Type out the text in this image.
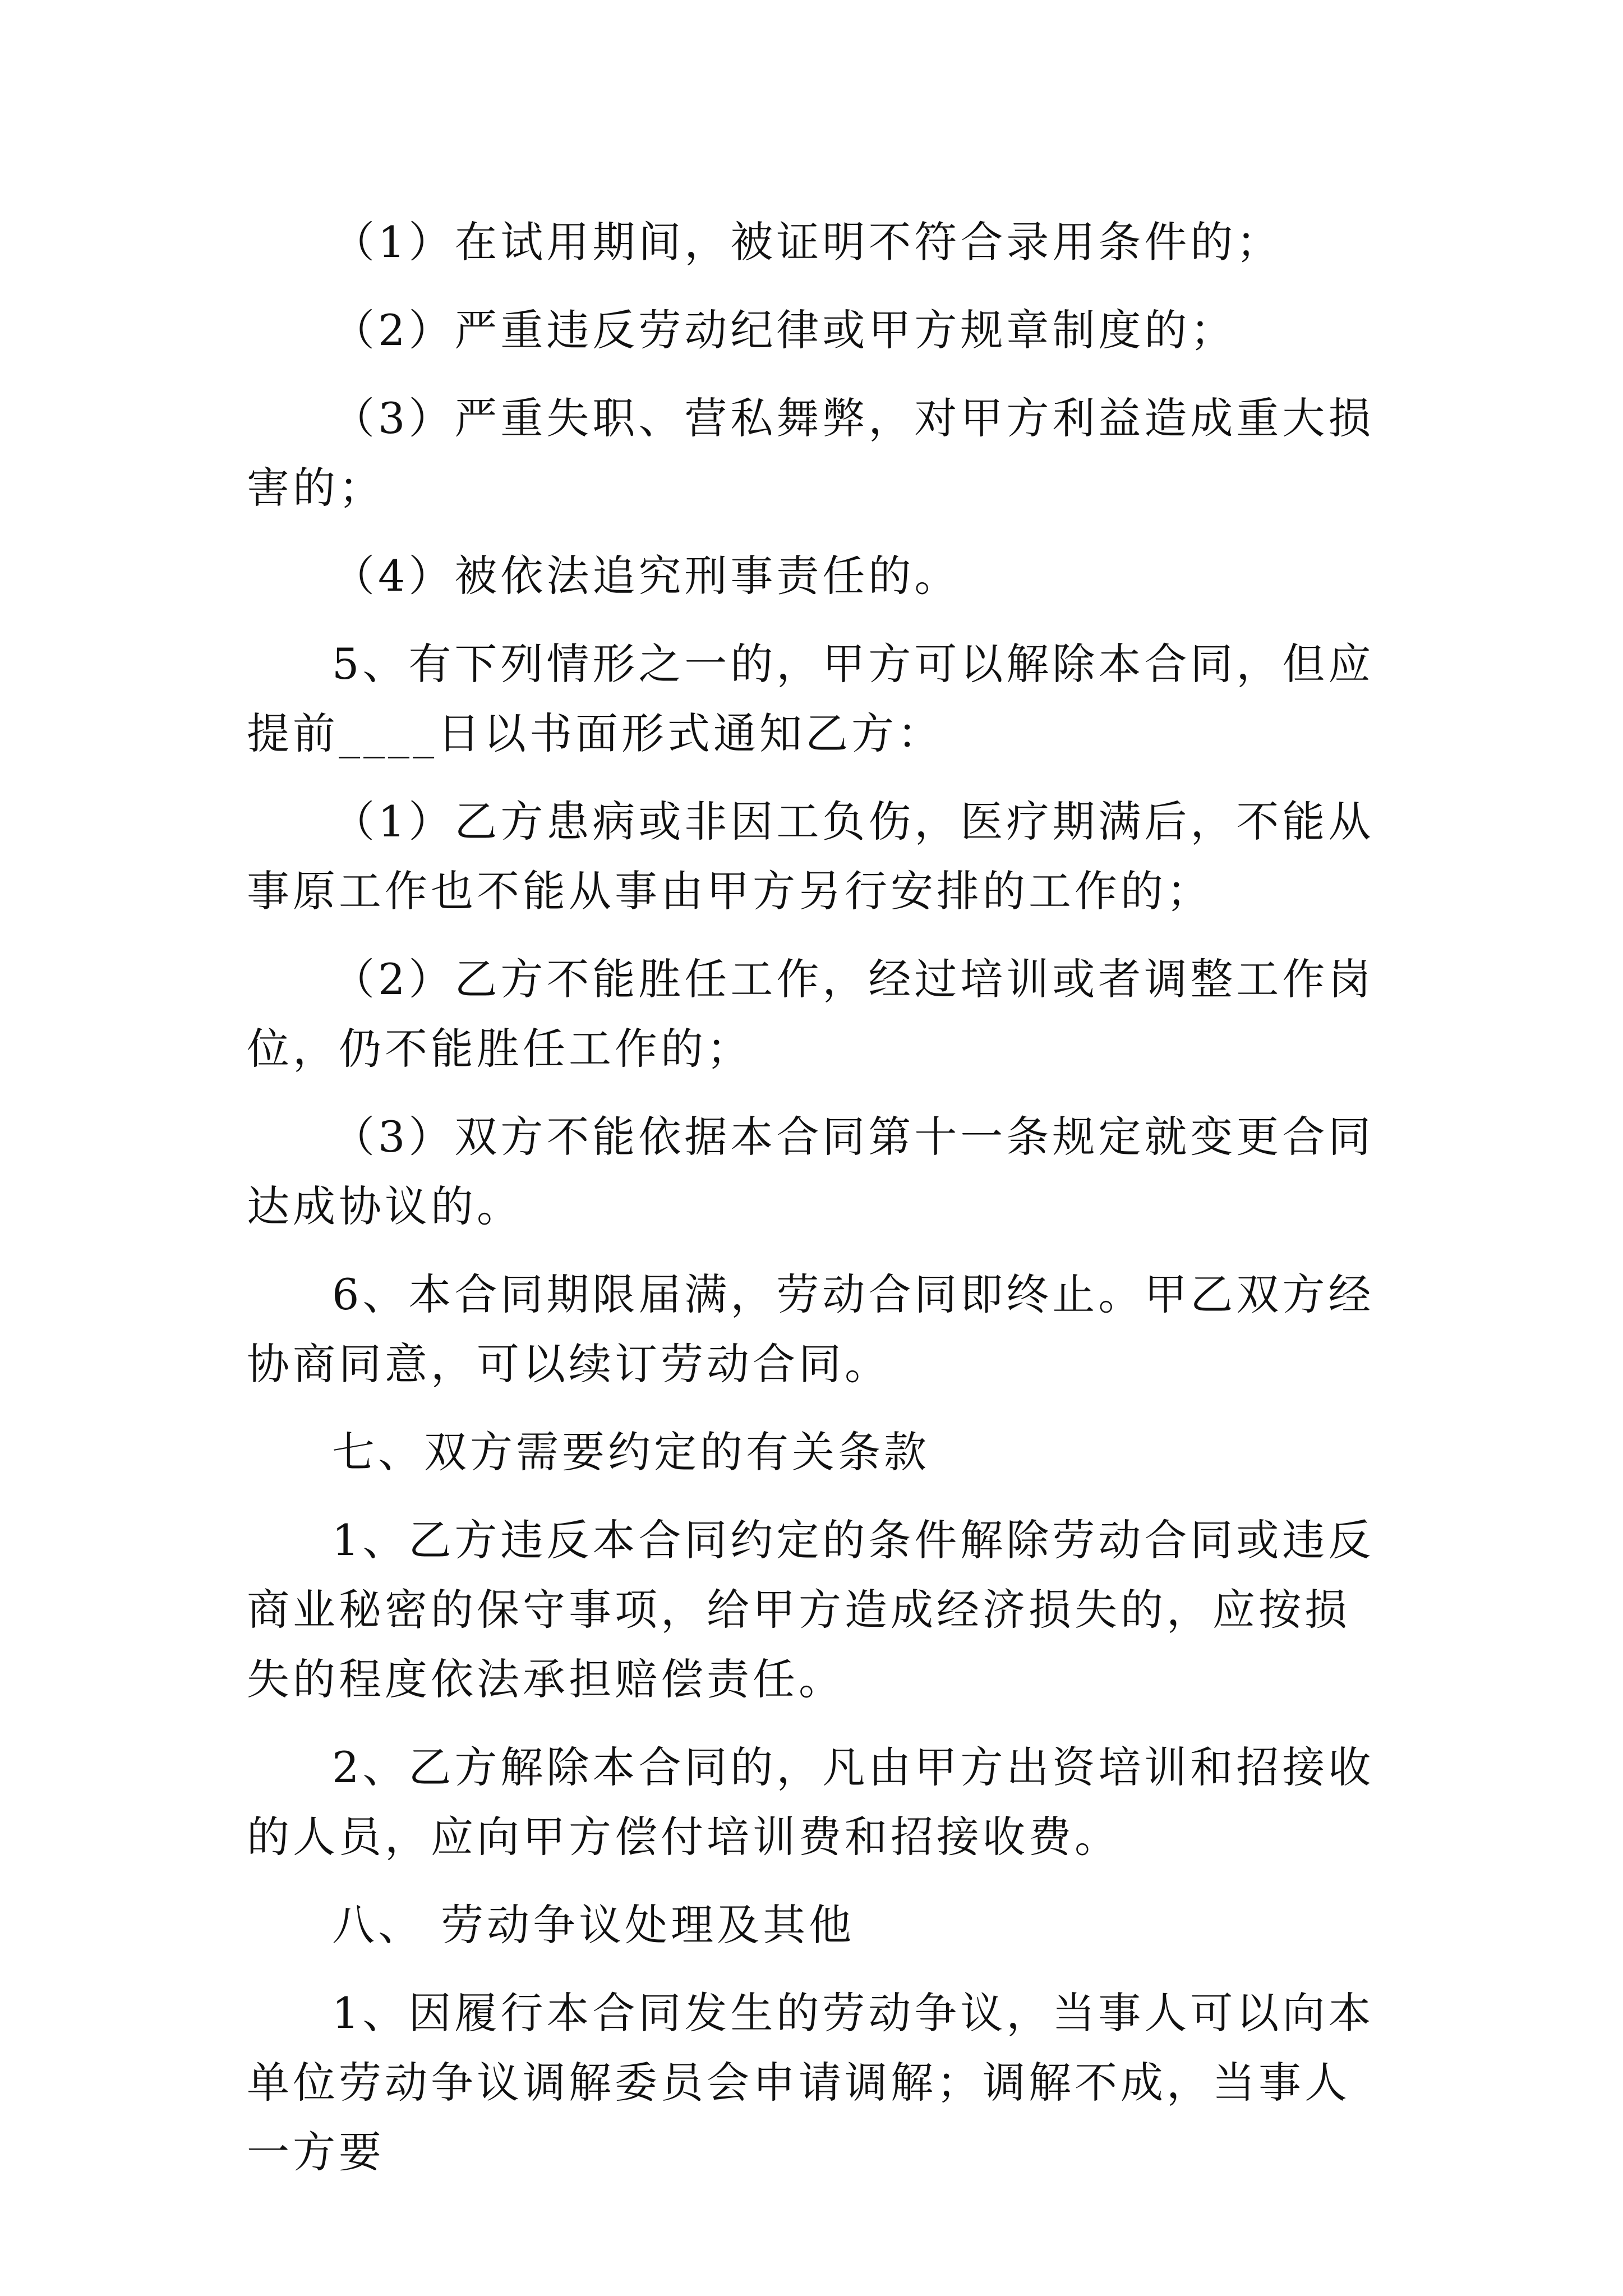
（1）在试用期间，被证明不符合录用条件的；

（2）严重违反劳动纪律或甲方规章制度的；

（3）严重失职、营私舞弊，对甲方利益造成重大损害的；

（4）被依法追究刑事责任的。

5、有下列情形之一的，甲方可以解除本合同，但应提前____日以书面形式通知乙方：

（1）乙方患病或非因工负伤，医疗期满后，不能从事原工作也不能从事由甲方另行安排的工作的；

（2）乙方不能胜任工作，经过培训或者调整工作岗位，仍不能胜任工作的；

（3）双方不能依据本合同第十一条规定就变更合同达成协议的。

6、本合同期限届满，劳动合同即终止。甲乙双方经协商同意，可以续订劳动合同。

七、双方需要约定的有关条款

1、乙方违反本合同约定的条件解除劳动合同或违反商业秘密的保守事项，给甲方造成经济损失的，应按损失的程度依法承担赔偿责任。

2、乙方解除本合同的，凡由甲方出资培训和招接收的人员，应向甲方偿付培训费和招接收费。

八、 劳动争议处理及其他

1、因履行本合同发生的劳动争议，当事人可以向本单位劳动争议调解委员会申请调解；调解不成，当事人一方要
